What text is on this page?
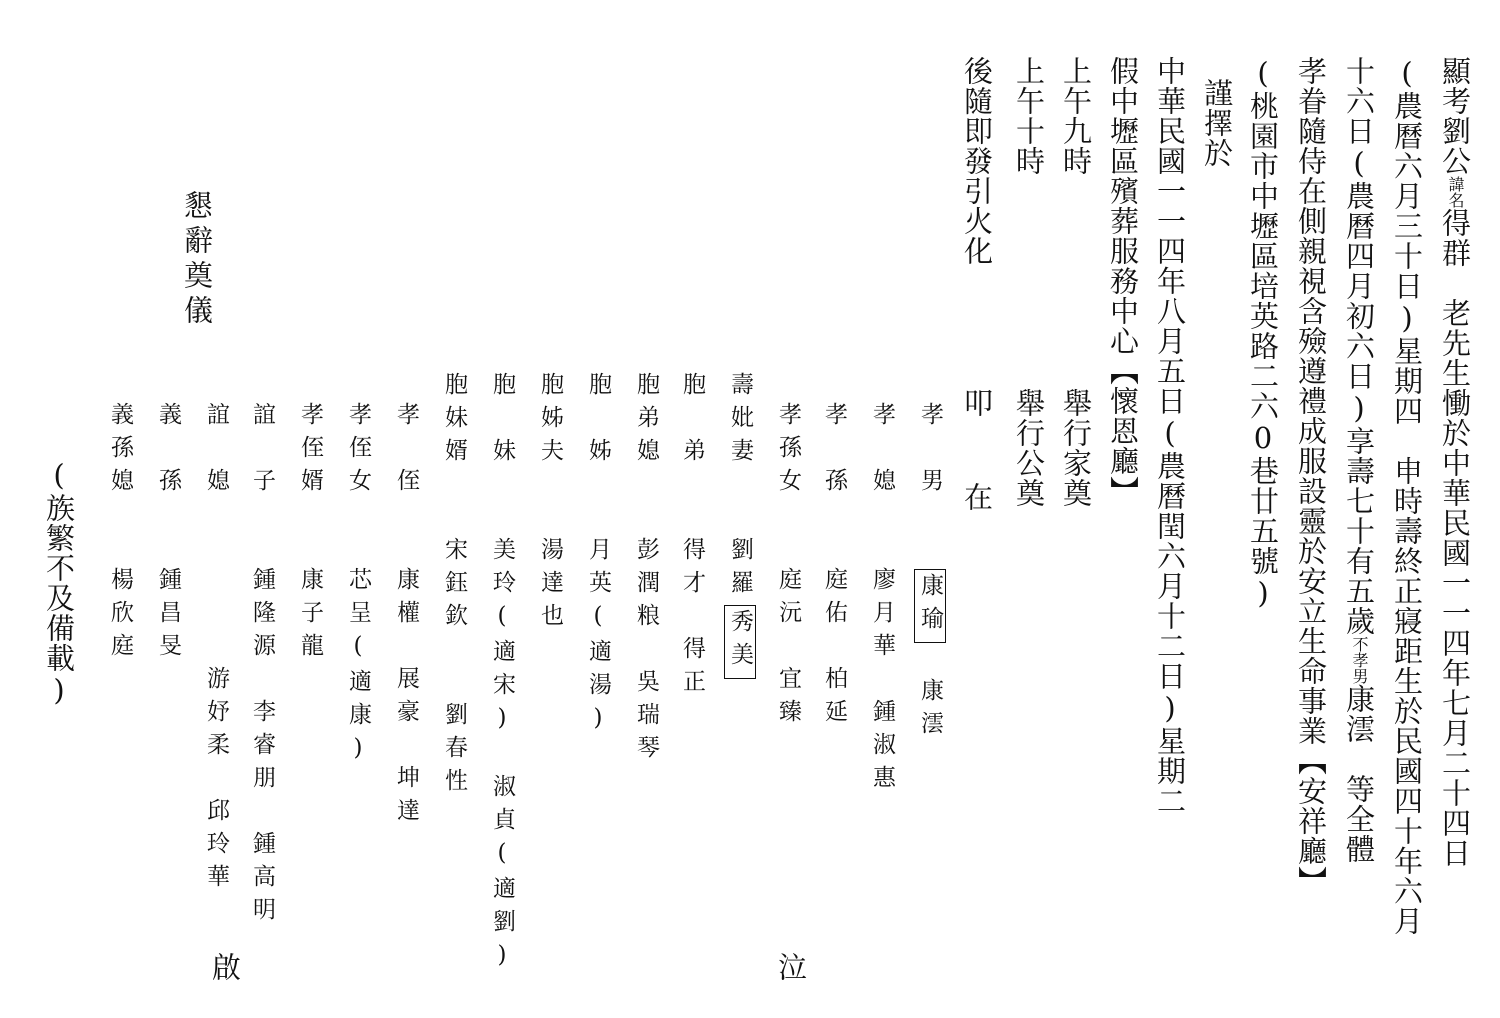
顯考劉公諱名得群　老先生慟於中華民國一一四年七月二十四日
(農曆六月三十日)星期四　申時壽終正寢距生於民國四十年六月
十六日(農曆四月初六日)享壽七十有五歲不孝男康澐　等全體
孝眷隨侍在側親視含殮遵禮成服設靈於安立生命事業【安祥廳】
(桃園市中壢區培英路二六0巷廿五號)
謹擇於
中華民國一一四年八月五日(農曆閏六月十二日)星期二
假中壢區殯葬服務中心【懷恩廳】
上午九時
舉行家奠
上午十時
舉行公奠
後隨即發引火化
叩　在
孝　男　　康瑜　康澐
孝　媳　　廖月華　鍾淑惠
孝　孫　　庭佑　柏延
孝孫女　　庭沅　宜臻
壽妣妻　　劉羅秀美
胞　弟　　得才　得正
胞弟媳　　彭潤粮　吳瑞琴
胞　姊　　月英(適湯)
胞姊夫　　湯達也
胞　妹　　美玲(適宋)　淑貞(適劉)
胞妹婿　　宋鈺欽　　劉春性
孝　侄　　康權　展豪　坤達
孝侄女　　芯呈(適康)
孝侄婿　　康子龍
誼　子　　鍾隆源　李睿朋　鍾高明
誼　媳　　　　　游妤柔　邱玲華
義　孫　　鍾昌旻
義孫媳　　楊欣庭
泣
懇辭奠儀
啟
(族繁不及備載)
